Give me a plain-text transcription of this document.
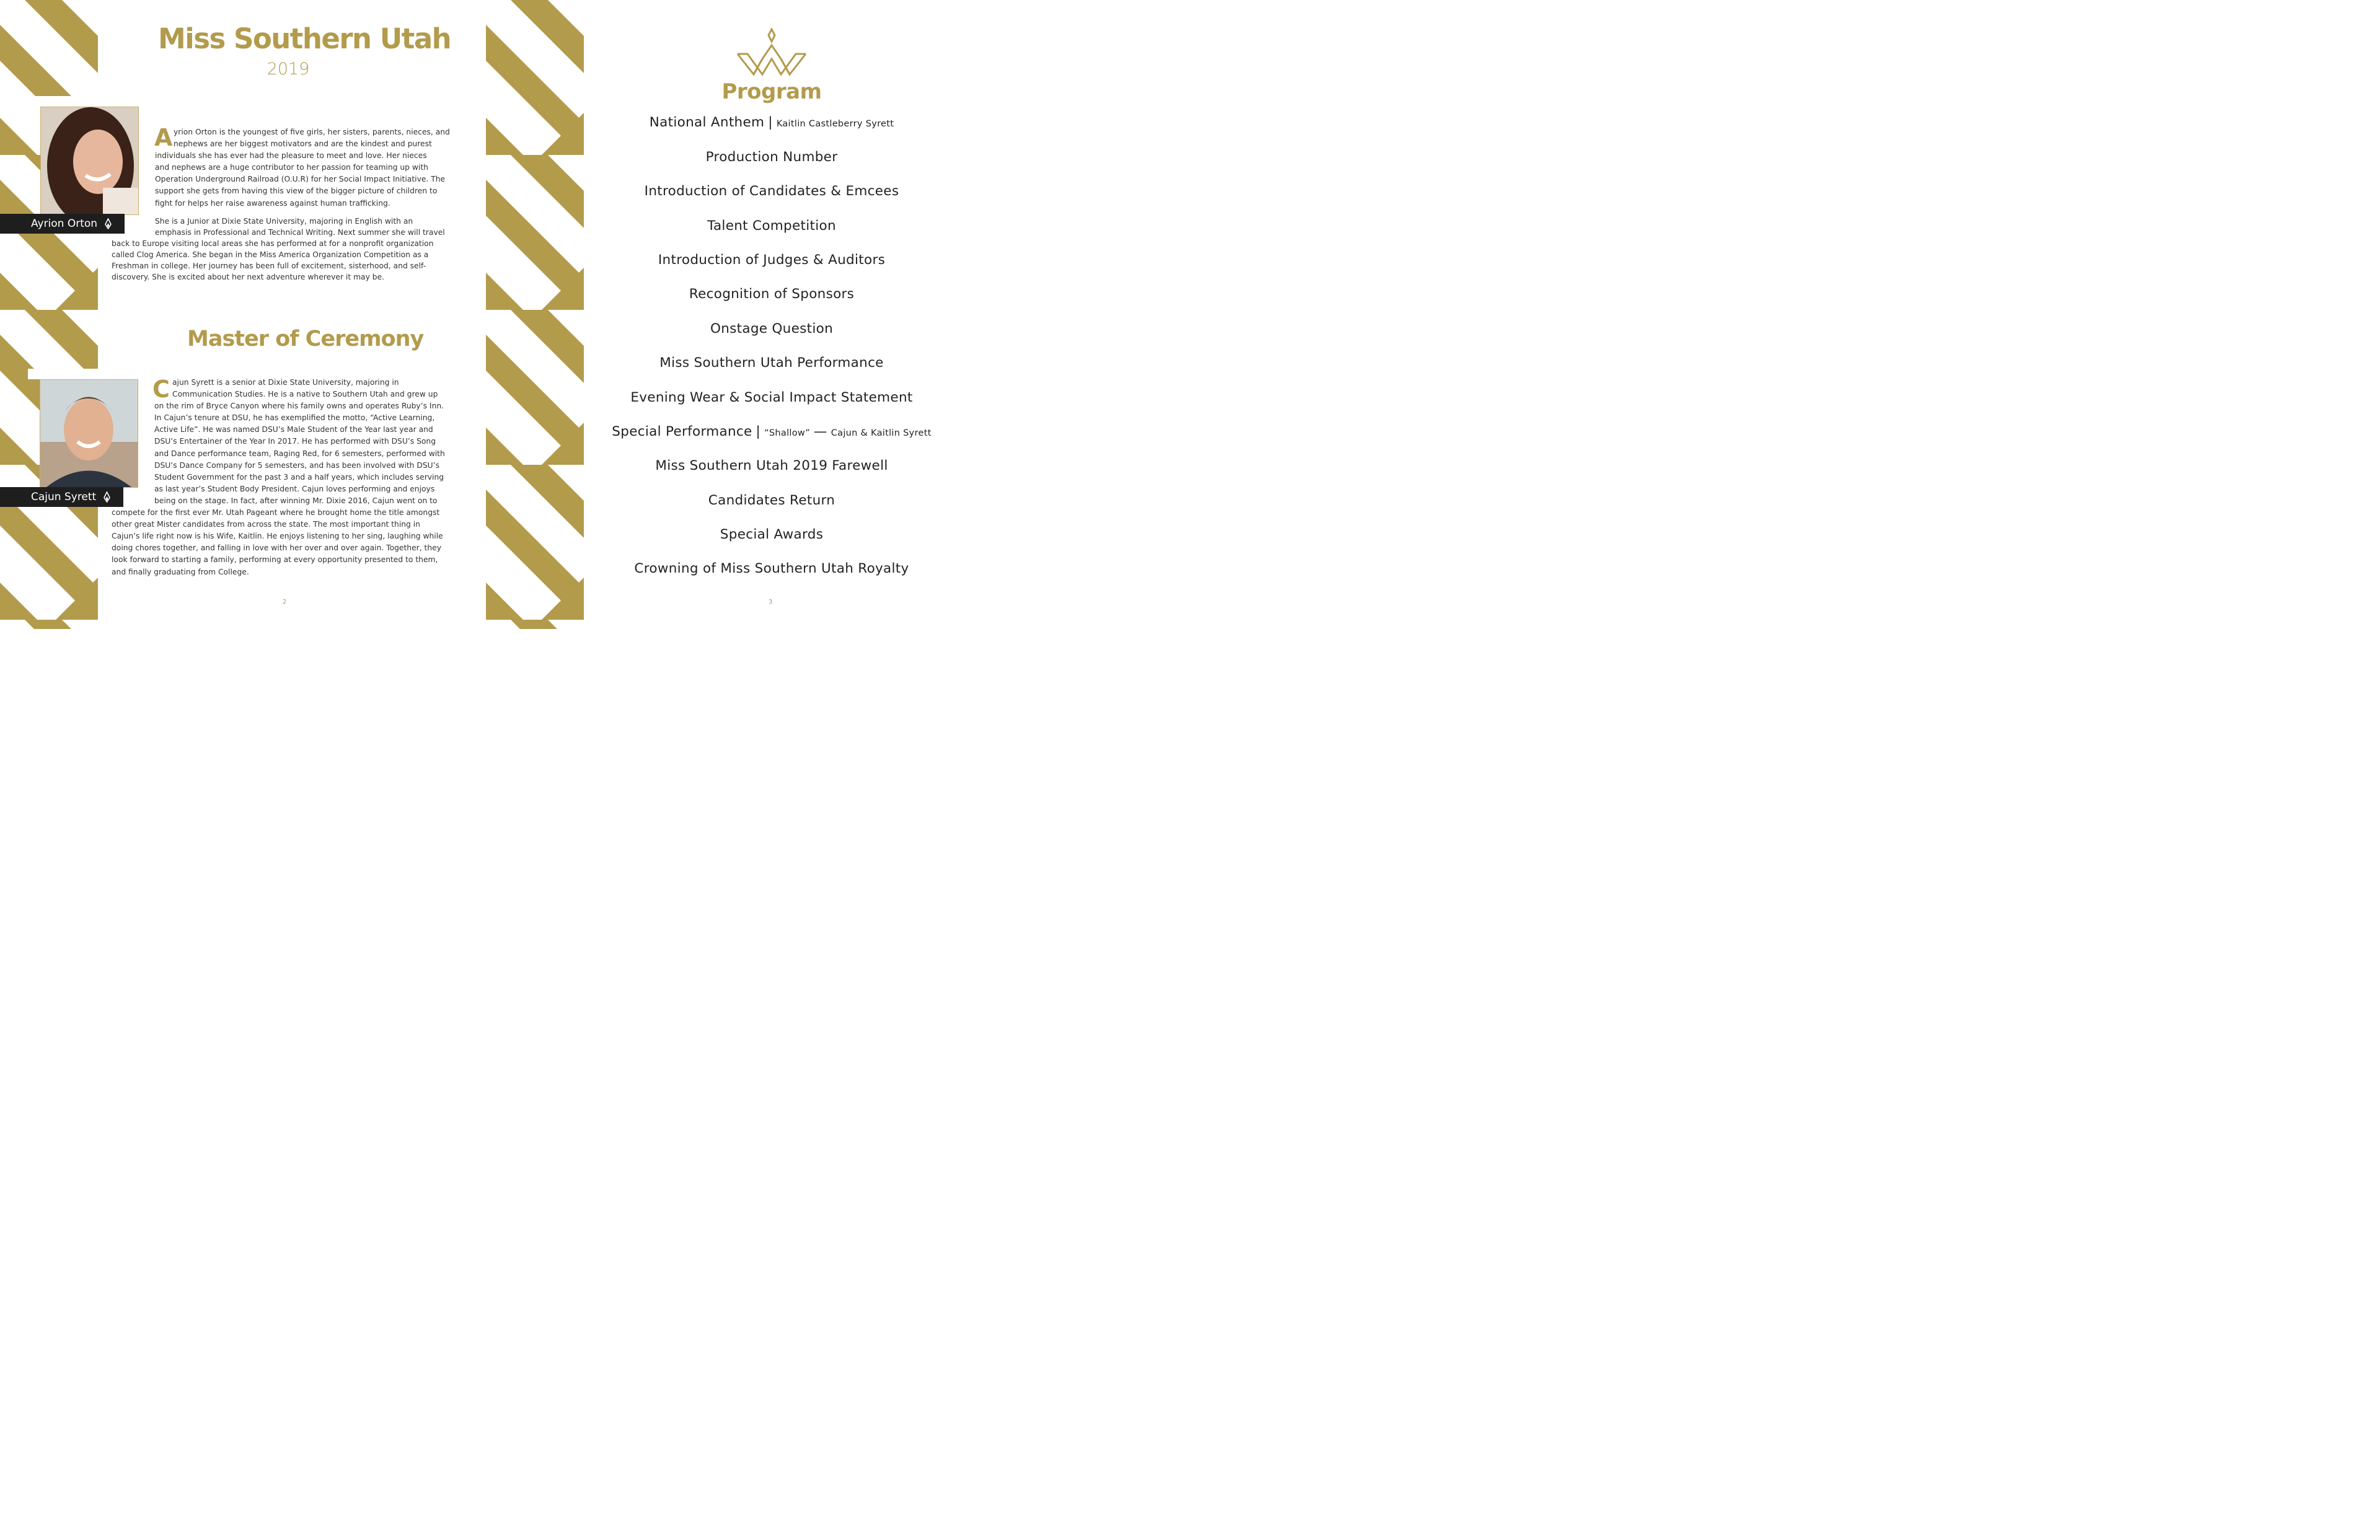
Miss Southern Utah
2019
Ayrion Orton
A yrion Orton is the youngest of five girls, her sisters, parents, nieces, and
nephews are her biggest motivators and are the kindest and purest
individuals she has ever had the pleasure to meet and love. Her nieces
and nephews are a huge contributor to her passion for teaming up with
Operation Underground Railroad (O.U.R) for her Social Impact Initiative. The
support she gets from having this view of the bigger picture of children to
fight for helps her raise awareness against human trafficking.
She is a Junior at Dixie State University, majoring in English with an
emphasis in Professional and Technical Writing. Next summer she will travel
back to Europe visiting local areas she has performed at for a nonprofit organization
called Clog America. She began in the Miss America Organization Competition as a
Freshman in college. Her journey has been full of excitement, sisterhood, and self-
discovery. She is excited about her next adventure wherever it may be.
Master of Ceremony
Cajun Syrett
C ajun Syrett is a senior at Dixie State University, majoring in
Communication Studies. He is a native to Southern Utah and grew up
on the rim of Bryce Canyon where his family owns and operates Ruby’s Inn.
In Cajun’s tenure at DSU, he has exemplified the motto, “Active Learning,
Active Life”. He was named DSU’s Male Student of the Year last year and
DSU’s Entertainer of the Year In 2017. He has performed with DSU’s Song
and Dance performance team, Raging Red, for 6 semesters, performed with
DSU’s Dance Company for 5 semesters, and has been involved with DSU’s
Student Government for the past 3 and a half years, which includes serving
as last year’s Student Body President. Cajun loves performing and enjoys
being on the stage. In fact, after winning Mr. Dixie 2016, Cajun went on to
compete for the first ever Mr. Utah Pageant where he brought home the title amongst
other great Mister candidates from across the state. The most important thing in
Cajun’s life right now is his Wife, Kaitlin. He enjoys listening to her sing, laughing while
doing chores together, and falling in love with her over and over again. Together, they
look forward to starting a family, performing at every opportunity presented to them,
and finally graduating from College.
2
Program
National Anthem | Kaitlin Castleberry Syrett
Production Number
Introduction of Candidates & Emcees
Talent Competition
Introduction of Judges & Auditors
Recognition of Sponsors
Onstage Question
Miss Southern Utah Performance
Evening Wear & Social Impact Statement
Special Performance | “Shallow” — Cajun & Kaitlin Syrett
Miss Southern Utah 2019 Farewell
Candidates Return
Special Awards
Crowning of Miss Southern Utah Royalty
3
